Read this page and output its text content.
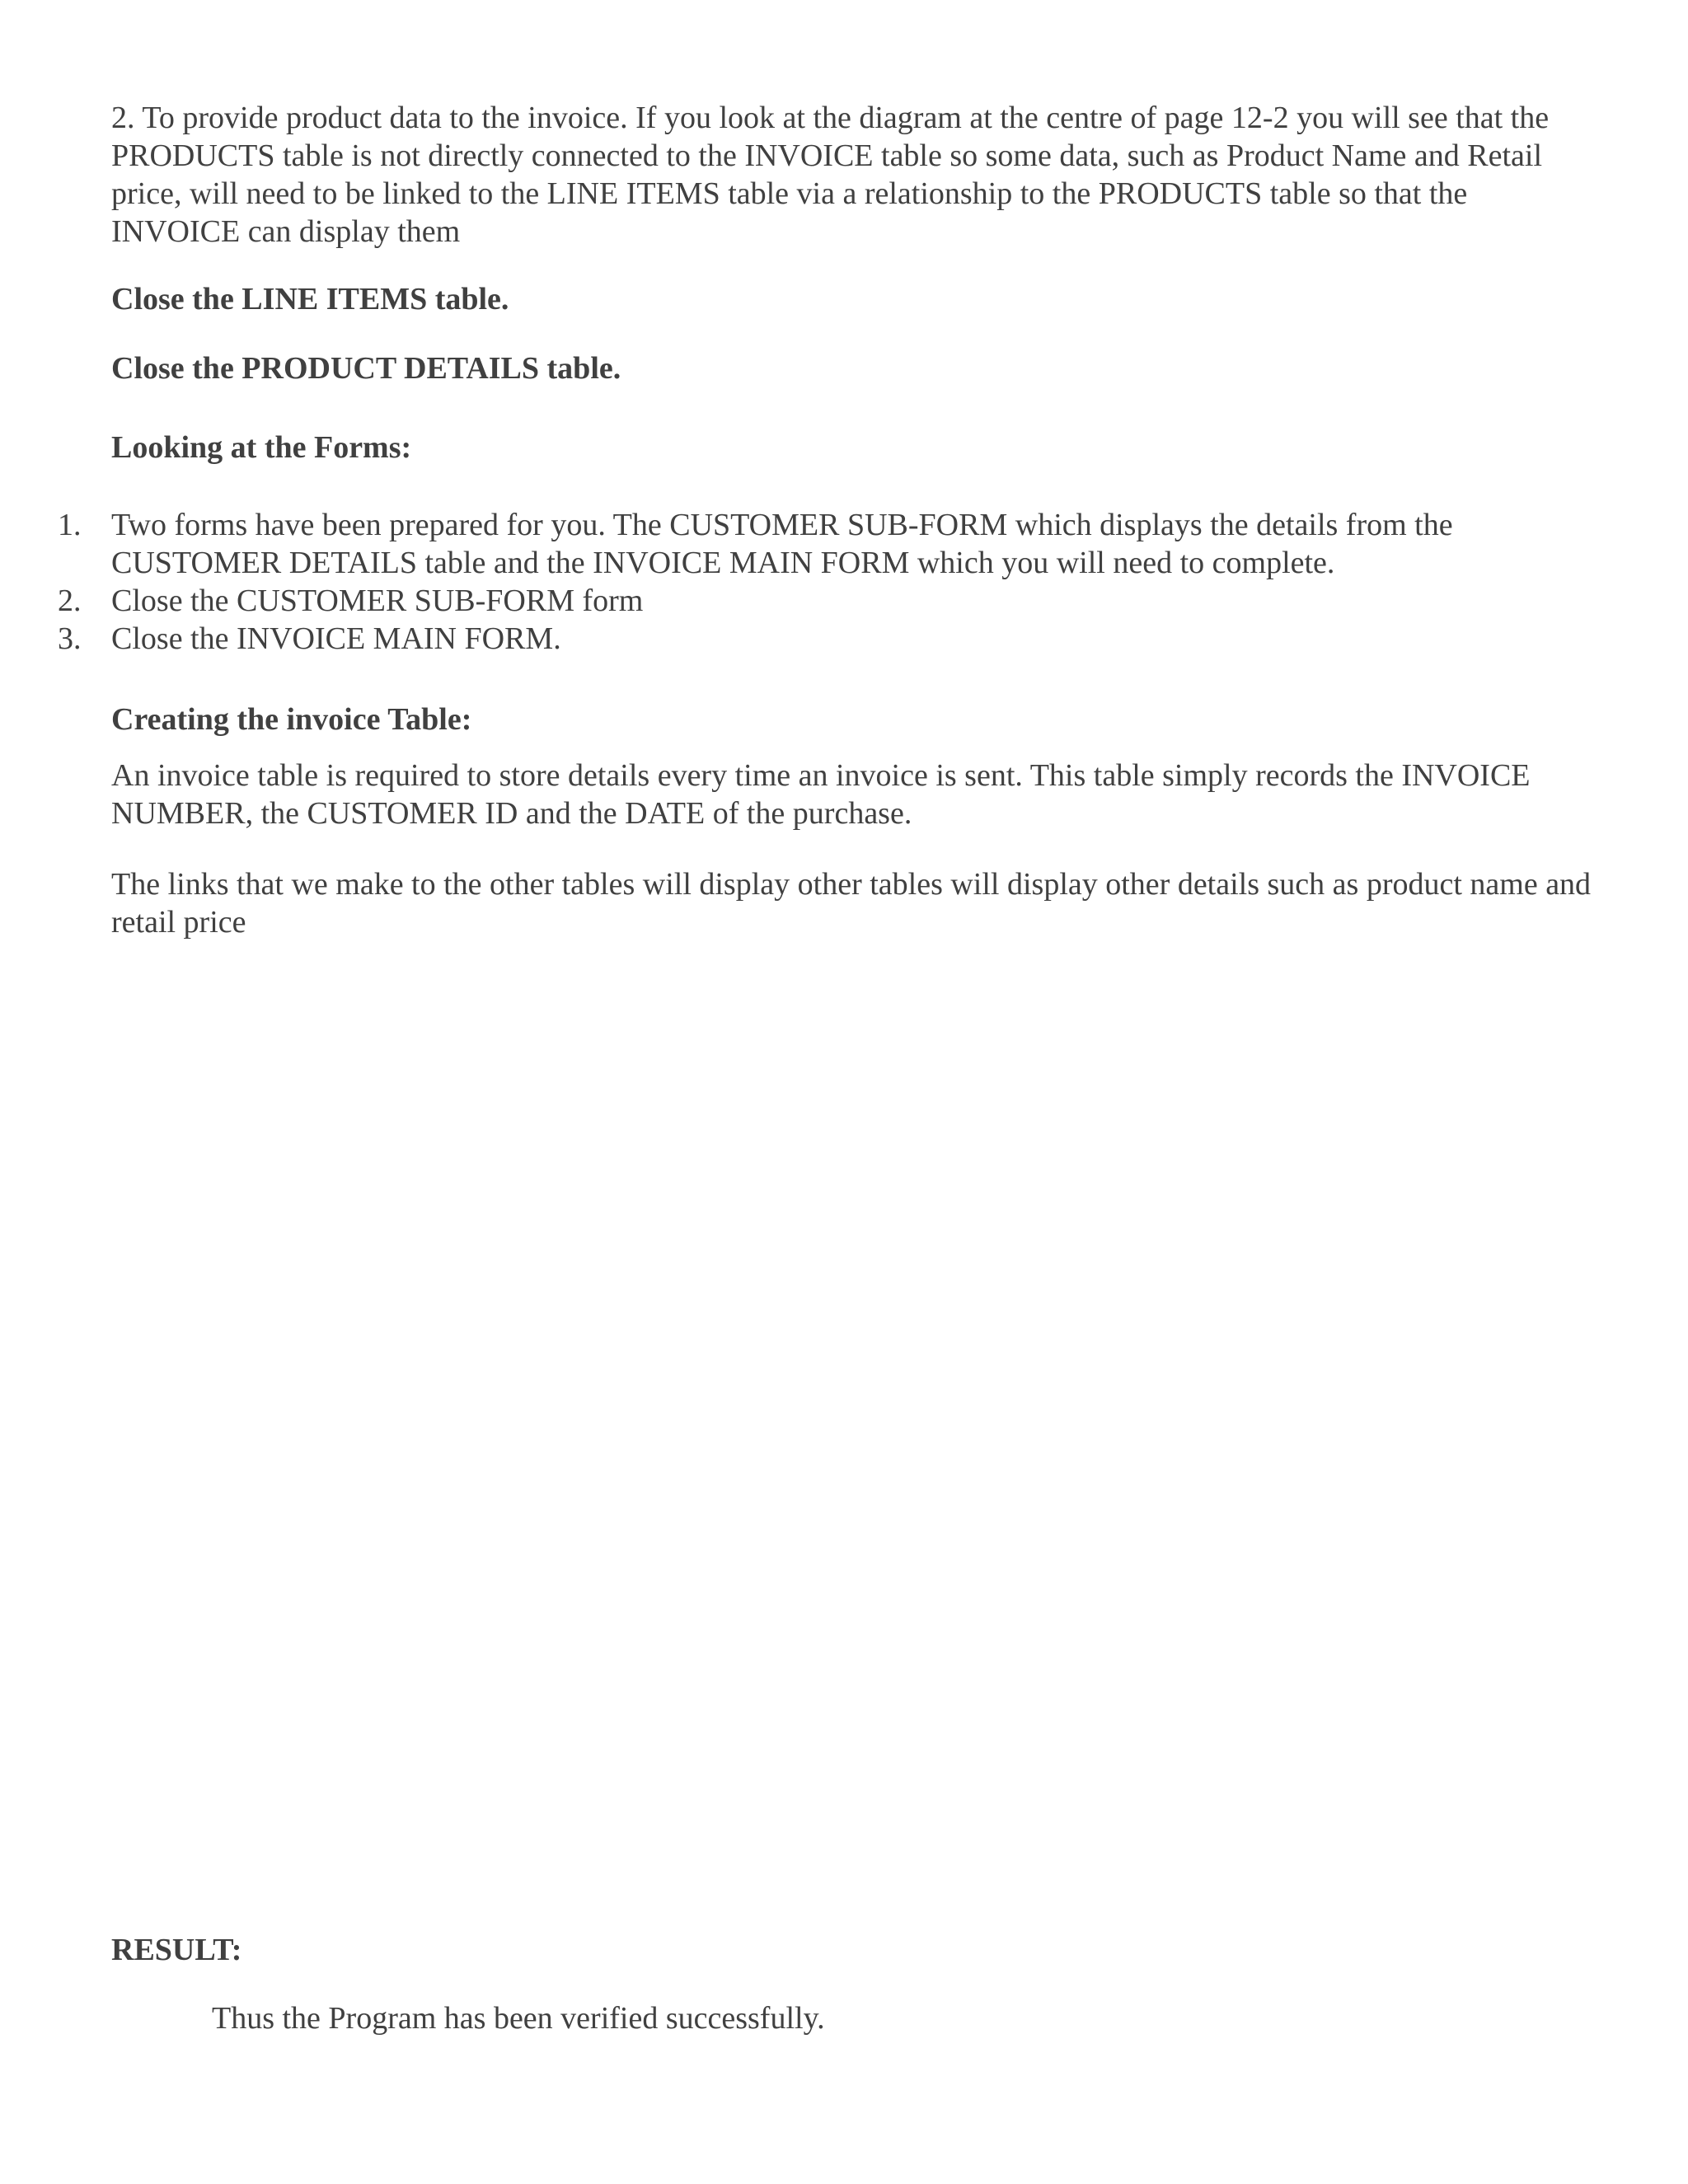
2. To provide product data to the invoice. If you look at the diagram at the centre of page 12-2 you will see that the PRODUCTS table is not directly connected to the INVOICE table so some data, such as Product Name and Retail price, will need to be linked to the LINE ITEMS table via a relationship to the PRODUCTS table so that the INVOICE can display them

Close the LINE ITEMS table.

Close the PRODUCT DETAILS table.

Looking at the Forms:

1. Two forms have been prepared for you. The CUSTOMER SUB-FORM which displays the details from the CUSTOMER DETAILS table and the INVOICE MAIN FORM which you will need to complete.
2. Close the CUSTOMER SUB-FORM form
3. Close the INVOICE MAIN FORM.

Creating the invoice Table:

An invoice table is required to store details every time an invoice is sent. This table simply records the INVOICE NUMBER, the CUSTOMER ID and the DATE of the purchase.

The links that we make to the other tables will display other tables will display other details such as product name and retail price

RESULT:

Thus the Program has been verified successfully.
